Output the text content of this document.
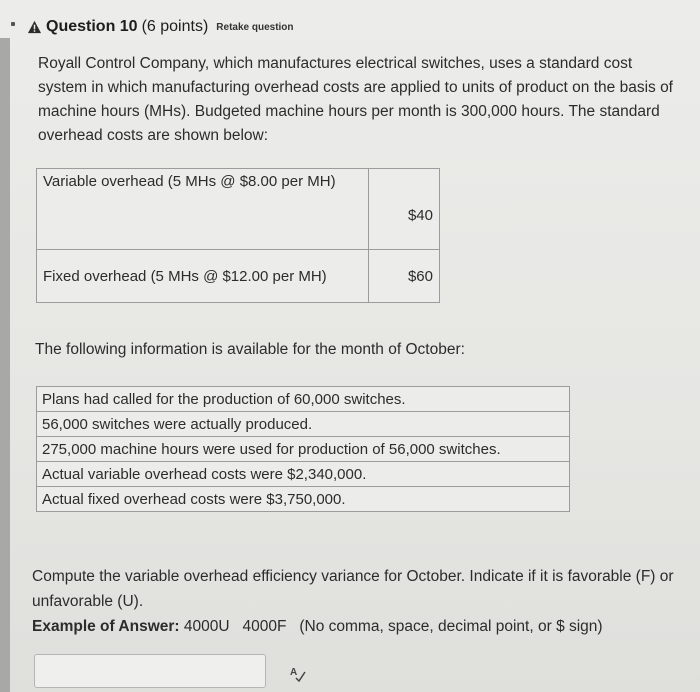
Question 10 (6 points) Retake question
Royall Control Company, which manufactures electrical switches, uses a standard cost system in which manufacturing overhead costs are applied to units of product on the basis of machine hours (MHs). Budgeted machine hours per month is 300,000 hours. The standard overhead costs are shown below:
Variable overhead (5 MHs @ $8.00 per MH)	$40
Fixed overhead (5 MHs @ $12.00 per MH)	$60
The following information is available for the month of October:
Plans had called for the production of 60,000 switches.
56,000 switches were actually produced.
275,000 machine hours were used for production of 56,000 switches.
Actual variable overhead costs were $2,340,000.
Actual fixed overhead costs were $3,750,000.
Compute the variable overhead efficiency variance for October. Indicate if it is favorable (F) or unfavorable (U).
Example of Answer: 4000U   4000F   (No comma, space, decimal point, or $ sign)
A
